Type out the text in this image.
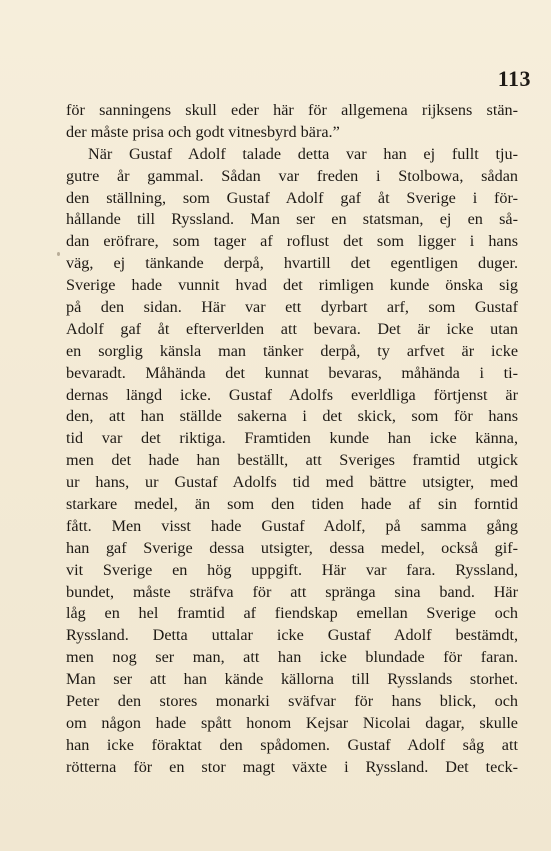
113
för sanningens skull eder här för allgemena rijksens stän-
der måste prisa och godt vitnesbyrd bära.”
När Gustaf Adolf talade detta var han ej fullt tju-
gutre år gammal. Sådan var freden i Stolbowa, sådan
den ställning, som Gustaf Adolf gaf åt Sverige i för-
hållande till Ryssland. Man ser en statsman, ej en så-
dan eröfrare, som tager af roflust det som ligger i hans
väg, ej tänkande derpå, hvartill det egentligen duger.
Sverige hade vunnit hvad det rimligen kunde önska sig
på den sidan. Här var ett dyrbart arf, som Gustaf
Adolf gaf åt efterverlden att bevara. Det är icke utan
en sorglig känsla man tänker derpå, ty arfvet är icke
bevaradt. Måhända det kunnat bevaras, måhända i ti-
dernas längd icke. Gustaf Adolfs everldliga förtjenst är
den, att han ställde sakerna i det skick, som för hans
tid var det riktiga. Framtiden kunde han icke känna,
men det hade han beställt, att Sveriges framtid utgick
ur hans, ur Gustaf Adolfs tid med bättre utsigter, med
starkare medel, än som den tiden hade af sin forntid
fått. Men visst hade Gustaf Adolf, på samma gång
han gaf Sverige dessa utsigter, dessa medel, också gif-
vit Sverige en hög uppgift. Här var fara. Ryssland,
bundet, måste sträfva för att spränga sina band. Här
låg en hel framtid af fiendskap emellan Sverige och
Ryssland. Detta uttalar icke Gustaf Adolf bestämdt,
men nog ser man, att han icke blundade för faran.
Man ser att han kände källorna till Rysslands storhet.
Peter den stores monarki sväfvar för hans blick, och
om någon hade spått honom Kejsar Nicolai dagar, skulle
han icke föraktat den spådomen. Gustaf Adolf såg att
rötterna för en stor magt växte i Ryssland. Det teck-
